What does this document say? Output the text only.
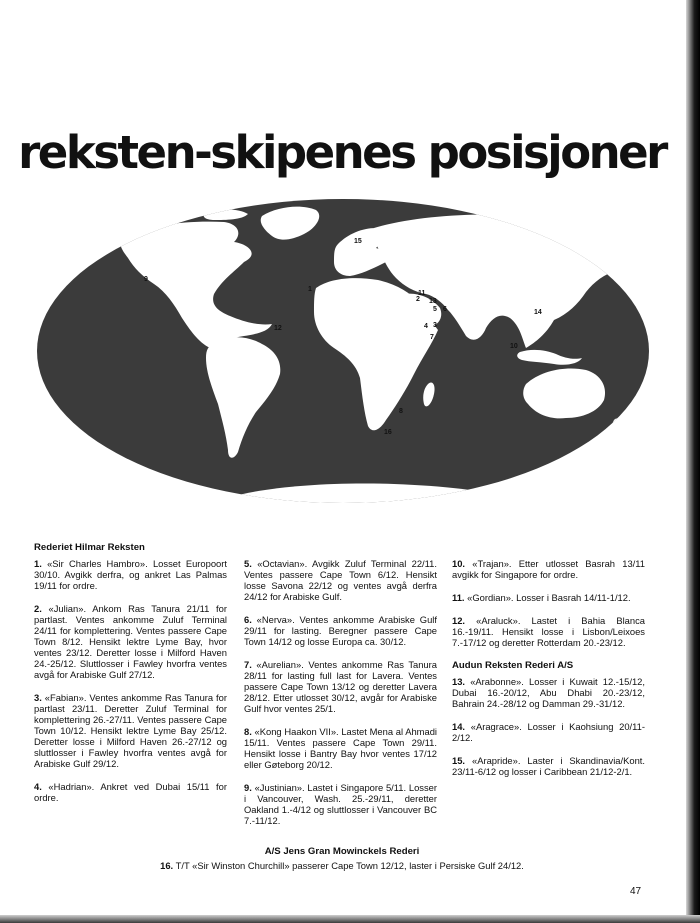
reksten-skipenes posisjoner
1
2
3
4
5 6
7
8
9
10
11
12
13
14
15
16
Rederiet Hilmar Reksten
1. «Sir Charles Hambro». Losset Europoort 30/10. Avgikk derfra, og ankret Las Palmas 19/11 for ordre.
2. «Julian». Ankom Ras Tanura 21/11 for partlast. Ventes ankomme Zuluf Terminal 24/11 for komplettering. Ventes passere Cape Town 8/12. Hensikt lektre Lyme Bay, hvor ventes 23/12. Deretter losse i Milford Haven 24.-25/12. Sluttlosser i Fawley hvorfra ventes avgå for Arabiske Gulf 27/12.
3. «Fabian». Ventes ankomme Ras Tanura for partlast 23/11. Deretter Zuluf Terminal for komplettering 26.-27/11. Ventes passere Cape Town 10/12. Hensikt lektre Lyme Bay 25/12. Deretter losse i Milford Haven 26.-27/12 og sluttlosser i Fawley hvorfra ventes avgå for Arabiske Gulf 29/12.
4. «Hadrian». Ankret ved Dubai 15/11 for ordre.
5. «Octavian». Avgikk Zuluf Terminal 22/11. Ventes passere Cape Town 6/12. Hensikt losse Savona 22/12 og ventes avgå derfra 24/12 for Arabiske Gulf.
6. «Nerva». Ventes ankomme Arabiske Gulf 29/11 for lasting. Beregner passere Cape Town 14/12 og losse Europa ca. 30/12.
7. «Aurelian». Ventes ankomme Ras Tanura 28/11 for lasting full last for Lavera. Ventes passere Cape Town 13/12 og deretter Lavera 28/12. Etter utlosset 30/12, avgår for Arabiske Gulf hvor ventes 25/1.
8. «Kong Haakon VII». Lastet Mena al Ahmadi 15/11. Ventes passere Cape Town 29/11. Hensikt losse i Bantry Bay hvor ventes 17/12 eller Gøteborg 20/12.
9. «Justinian». Lastet i Singapore 5/11. Losser i Vancouver, Wash. 25.-29/11, deretter Oakland 1.-4/12 og sluttlosser i Vancouver BC 7.-11/12.
10. «Trajan». Etter utlosset Basrah 13/11 avgikk for Singapore for ordre.
11. «Gordian». Losser i Basrah 14/11-1/12.
12. «Araluck». Lastet i Bahia Blanca 16.-19/11. Hensikt losse i Lisbon/Leixoes 7.-17/12 og deretter Rotterdam 20.-23/12.
Audun Reksten Rederi A/S
13. «Arabonne». Losser i Kuwait 12.-15/12, Dubai 16.-20/12, Abu Dhabi 20.-23/12, Bahrain 24.-28/12 og Damman 29.-31/12.
14. «Aragrace». Losser i Kaohsiung 20/11-2/12.
15. «Arapride». Laster i Skandinavia/Kont. 23/11-6/12 og losser i Caribbean 21/12-2/1.
A/S Jens Gran Mowinckels Rederi
16. T/T «Sir Winston Churchill» passerer Cape Town 12/12, laster i Persiske Gulf 24/12.
47
